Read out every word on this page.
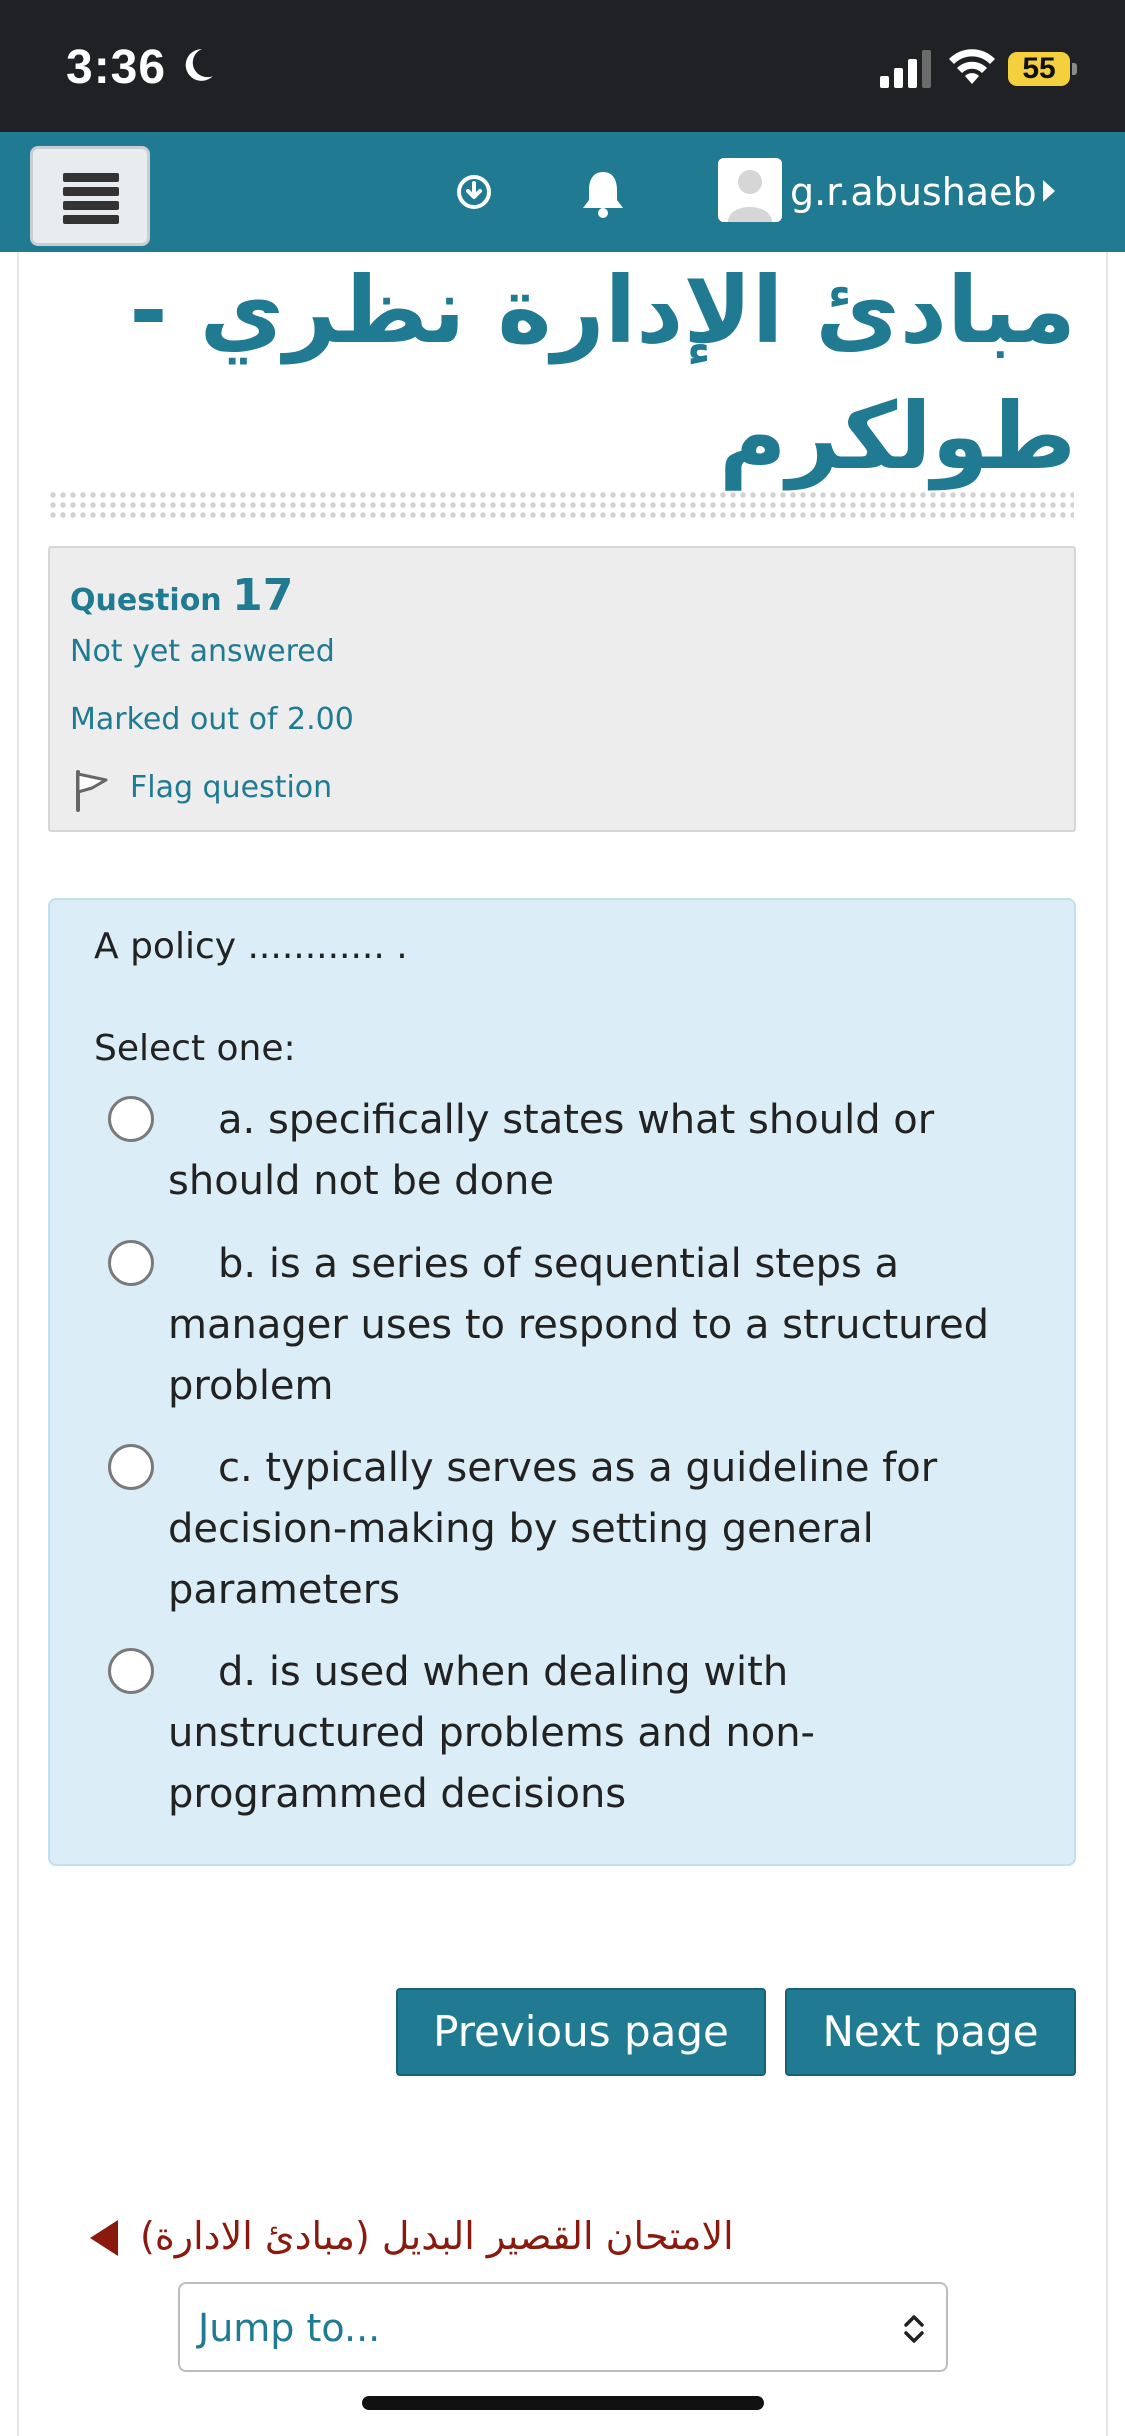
3:36	55
g.r.abushaeb
مبادئ الإدارة نظري - طولكرم
Question 17
Not yet answered
Marked out of 2.00
Flag question
A policy ............ .
Select one:
a. specifically states what should or should not be done
b. is a series of sequential steps a manager uses to respond to a structured problem
c. typically serves as a guideline for decision-making by setting general parameters
d. is used when dealing with unstructured problems and non-programmed decisions
Previous page	Next page
الامتحان القصير البديل (مبادئ الادارة)
Jump to...
